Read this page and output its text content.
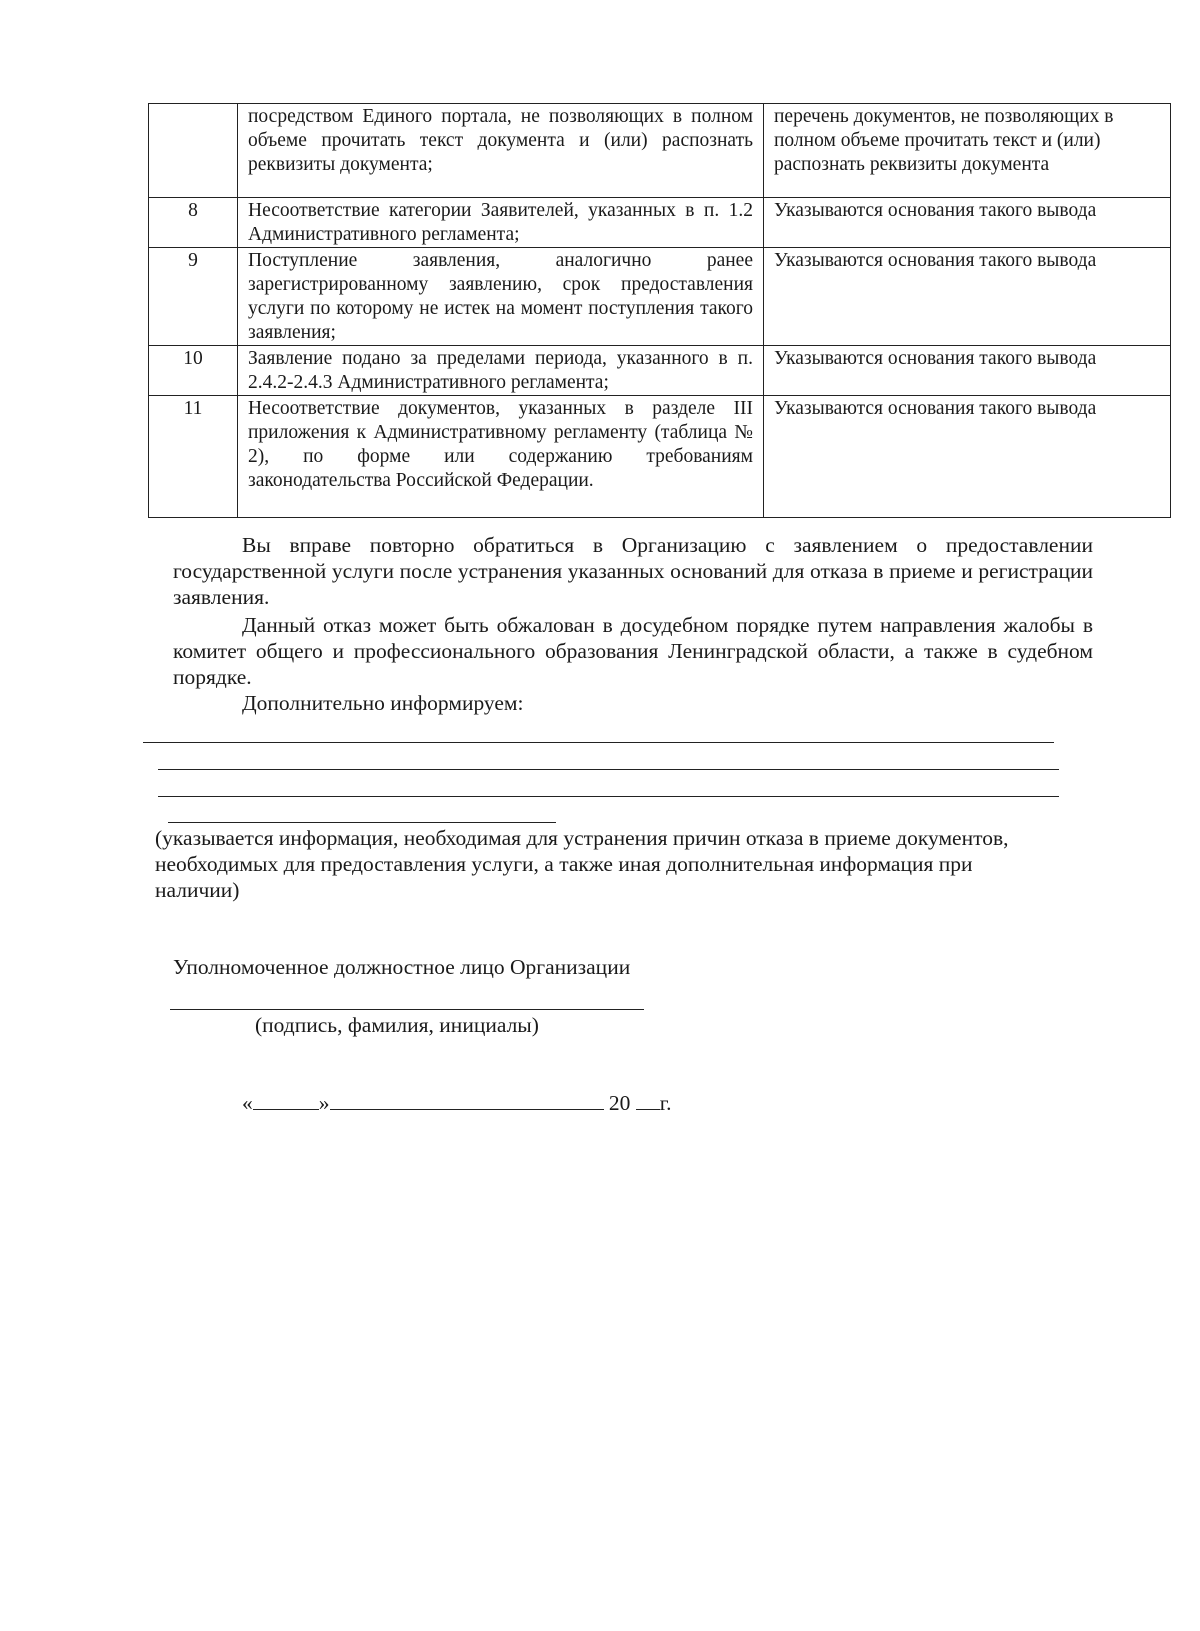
	посредством Единого портала, не позволяющих в полном объеме прочитать текст документа и (или) распознать реквизиты документа;	перечень документов, не позволяющих в полном объеме прочитать текст и (или) распознать реквизиты документа
8	Несоответствие категории Заявителей, указанных в п. 1.2 Административного регламента;	Указываются основания такого вывода
9	Поступление заявления, аналогично ранее зарегистрированному заявлению, срок предоставления услуги по которому не истек на момент поступления такого заявления;	Указываются основания такого вывода
10	Заявление подано за пределами периода, указанного в п. 2.4.2-2.4.3 Административного регламента;	Указываются основания такого вывода
11	Несоответствие документов, указанных в разделе III приложения к Административному регламенту (таблица № 2), по форме или содержанию требованиям законодательства Российской Федерации.	Указываются основания такого вывода
Вы вправе повторно обратиться в Организацию с заявлением о предоставлении государственной услуги после устранения указанных оснований для отказа в приеме и регистрации заявления.
Данный отказ может быть обжалован в досудебном порядке путем направления жалобы в комитет общего и профессионального образования Ленинградской области, а также в судебном порядке.
Дополнительно информируем:
(указывается информация, необходимая для устранения причин отказа в приеме документов, необходимых для предоставления услуги, а также иная дополнительная информация при наличии)
Уполномоченное должностное лицо Организации
(подпись, фамилия, инициалы)
«	»	20 г.
